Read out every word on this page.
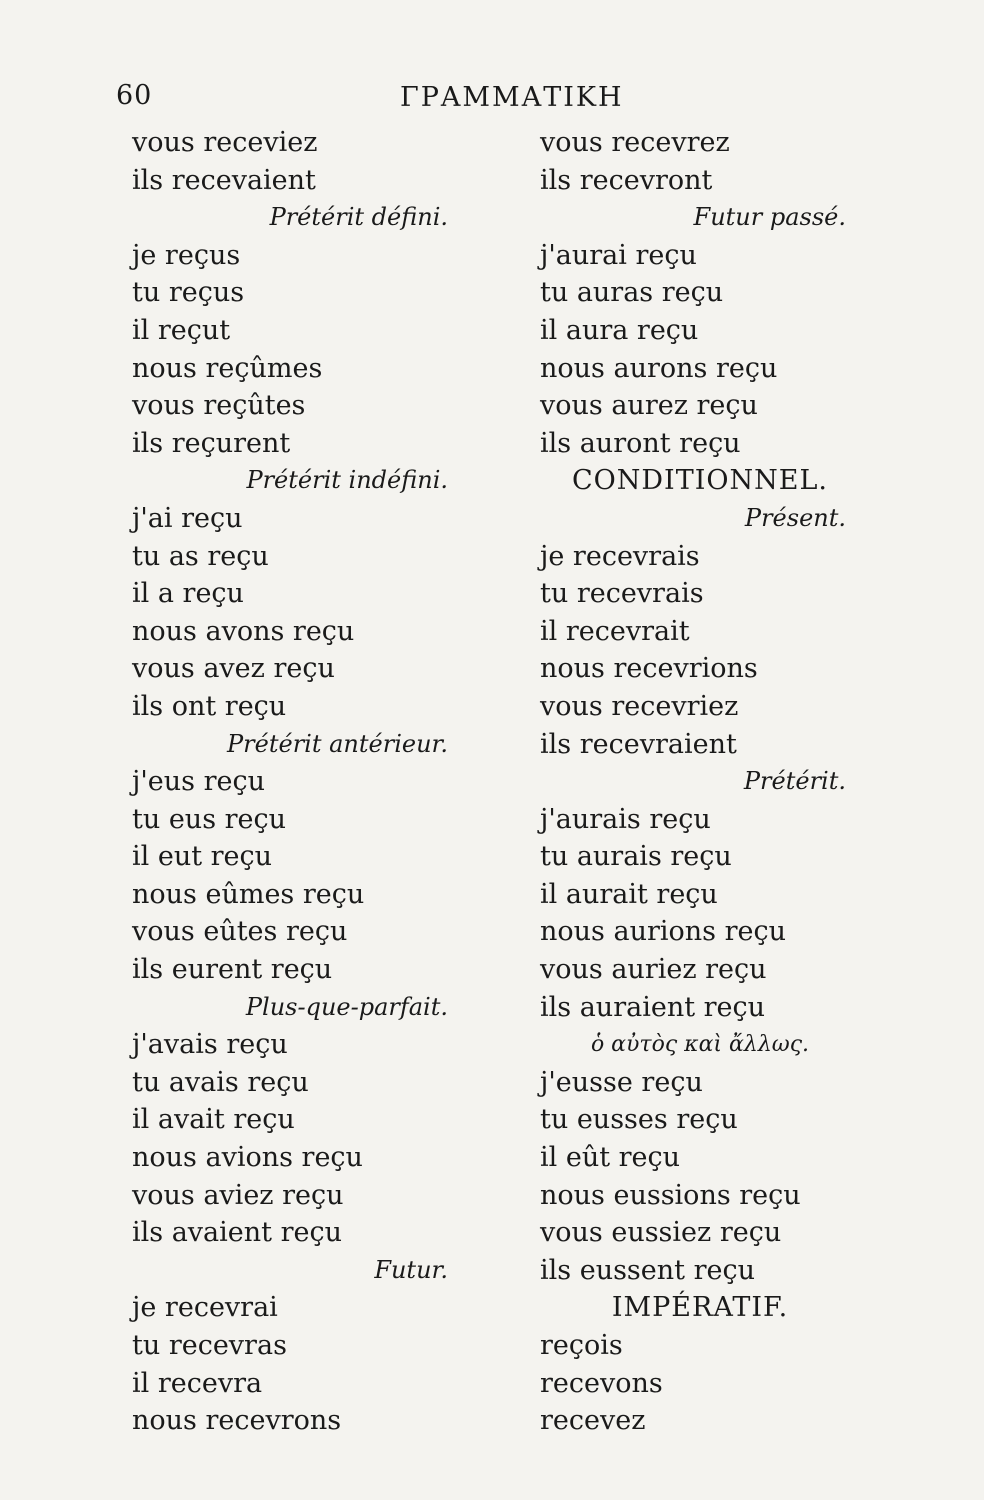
60	ΓΡΑΜΜΑΤΙΚΗ
vous receviez
ils recevaient
Prétérit défini.
je reçus
tu reçus
il reçut
nous reçûmes
vous reçûtes
ils reçurent
Prétérit indéfini.
j'ai reçu
tu as reçu
il a reçu
nous avons reçu
vous avez reçu
ils ont reçu
Prétérit antérieur.
j'eus reçu
tu eus reçu
il eut reçu
nous eûmes reçu
vous eûtes reçu
ils eurent reçu
Plus-que-parfait.
j'avais reçu
tu avais reçu
il avait reçu
nous avions reçu
vous aviez reçu
ils avaient reçu
Futur.
je recevrai
tu recevras
il recevra
nous recevrons
vous recevrez
ils recevront
Futur passé.
j'aurai reçu
tu auras reçu
il aura reçu
nous aurons reçu
vous aurez reçu
ils auront reçu
CONDITIONNEL.
Présent.
je recevrais
tu recevrais
il recevrait
nous recevrions
vous recevriez
ils recevraient
Prétérit.
j'aurais reçu
tu aurais reçu
il aurait reçu
nous aurions reçu
vous auriez reçu
ils auraient reçu
ὁ αὐτὸς καὶ ἄλλως.
j'eusse reçu
tu eusses reçu
il eût reçu
nous eussions reçu
vous eussiez reçu
ils eussent reçu
IMPÉRATIF.
reçois
recevons
recevez
